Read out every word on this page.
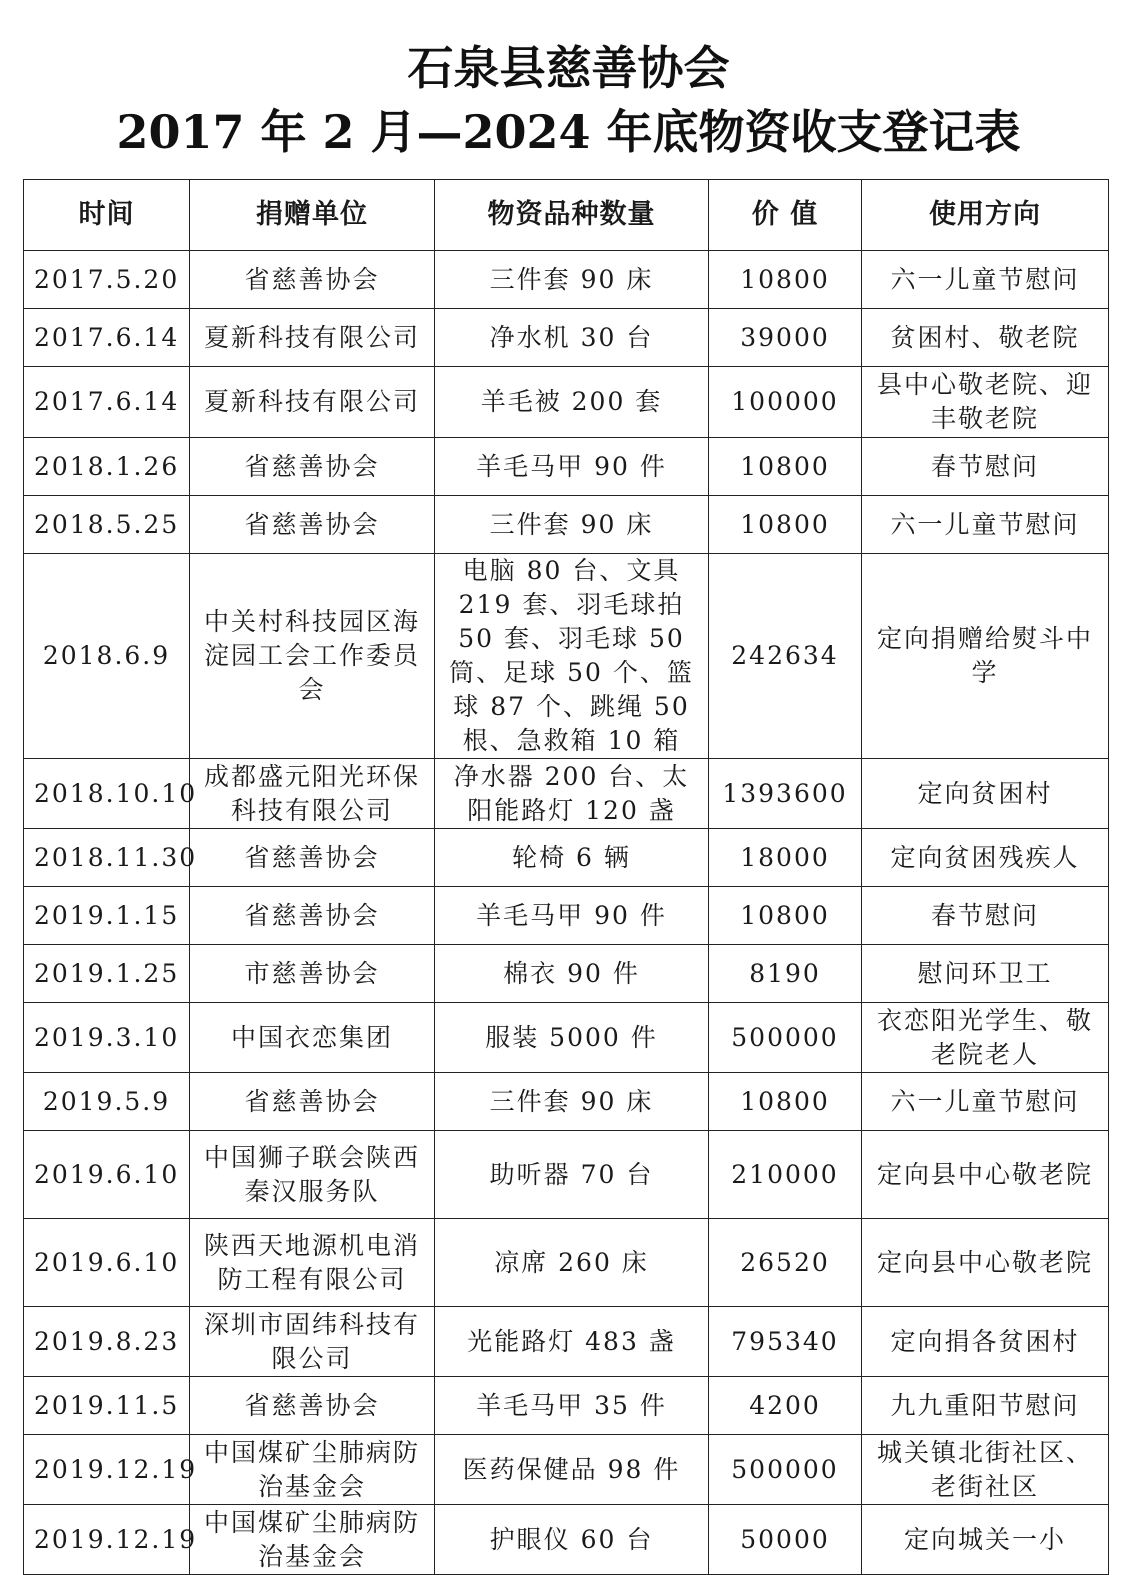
石泉县慈善协会
2017 年 2 月—2024 年底物资收支登记表
时间	捐赠单位	物资品种数量	价 值	使用方向
2017.5.20	省慈善协会	三件套 90 床	10800	六一儿童节慰问
2017.6.14	夏新科技有限公司	净水机 30 台	39000	贫困村、敬老院
2017.6.14	夏新科技有限公司	羊毛被 200 套	100000	县中心敬老院、迎丰敬老院
2018.1.26	省慈善协会	羊毛马甲 90 件	10800	春节慰问
2018.5.25	省慈善协会	三件套 90 床	10800	六一儿童节慰问
2018.6.9	中关村科技园区海淀园工会工作委员会	电脑 80 台、文具 219 套、羽毛球拍 50 套、羽毛球 50 筒、足球 50 个、篮球 87 个、跳绳 50 根、急救箱 10 箱	242634	定向捐赠给熨斗中学
2018.10.10	成都盛元阳光环保科技有限公司	净水器 200 台、太阳能路灯 120 盏	1393600	定向贫困村
2018.11.30	省慈善协会	轮椅 6 辆	18000	定向贫困残疾人
2019.1.15	省慈善协会	羊毛马甲 90 件	10800	春节慰问
2019.1.25	市慈善协会	棉衣 90 件	8190	慰问环卫工
2019.3.10	中国衣恋集团	服装 5000 件	500000	衣恋阳光学生、敬老院老人
2019.5.9	省慈善协会	三件套 90 床	10800	六一儿童节慰问
2019.6.10	中国狮子联会陕西秦汉服务队	助听器 70 台	210000	定向县中心敬老院
2019.6.10	陕西天地源机电消防工程有限公司	凉席 260 床	26520	定向县中心敬老院
2019.8.23	深圳市固纬科技有限公司	光能路灯 483 盏	795340	定向捐各贫困村
2019.11.5	省慈善协会	羊毛马甲 35 件	4200	九九重阳节慰问
2019.12.19	中国煤矿尘肺病防治基金会	医药保健品 98 件	500000	城关镇北街社区、老街社区
2019.12.19	中国煤矿尘肺病防治基金会	护眼仪 60 台	50000	定向城关一小
